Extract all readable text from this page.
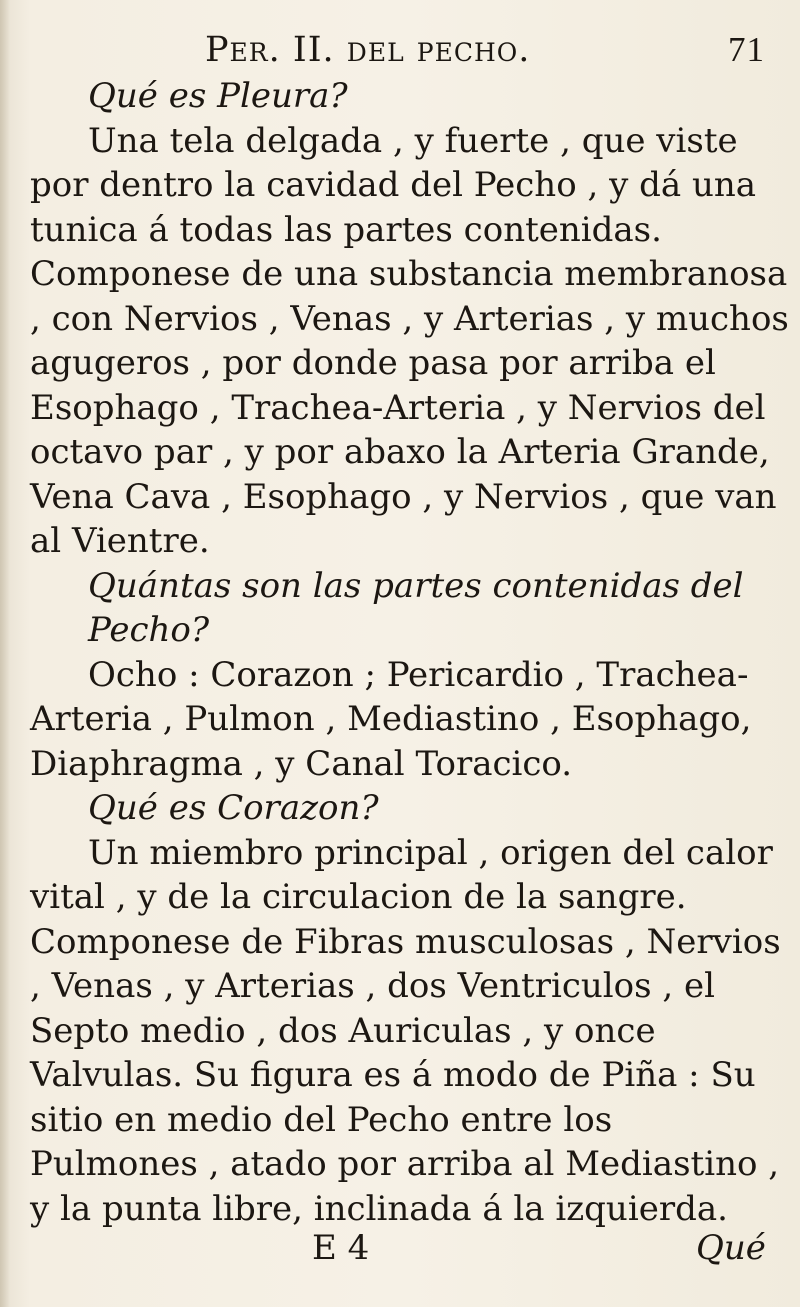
Per. II. del pecho.	71

Qué es Pleura?

Una tela delgada , y fuerte , que viste por dentro la cavidad del Pecho , y dá una tunica á todas las partes contenidas. Componese de una substancia membranosa , con Nervios , Venas , y Arterias , y muchos agugeros , por donde pasa por arriba el Esophago , Trachea-Arteria , y Nervios del octavo par , y por abaxo la Arteria Grande, Vena Cava , Esophago , y Nervios , que van al Vientre.

Quántas son las partes contenidas del Pecho?

Ocho : Corazon ; Pericardio , Trachea-Arteria , Pulmon , Mediastino , Esophago, Diaphragma , y Canal Toracico.

Qué es Corazon?

Un miembro principal , origen del calor vital , y de la circulacion de la sangre. Componese de Fibras musculosas , Nervios , Venas , y Arterias , dos Ventriculos , el Septo medio , dos Auriculas , y once Valvulas. Su figura es á modo de Piña : Su sitio en medio del Pecho entre los Pulmones , atado por arriba al Mediastino , y la punta libre, inclinada á la izquierda.

E 4	Qué
